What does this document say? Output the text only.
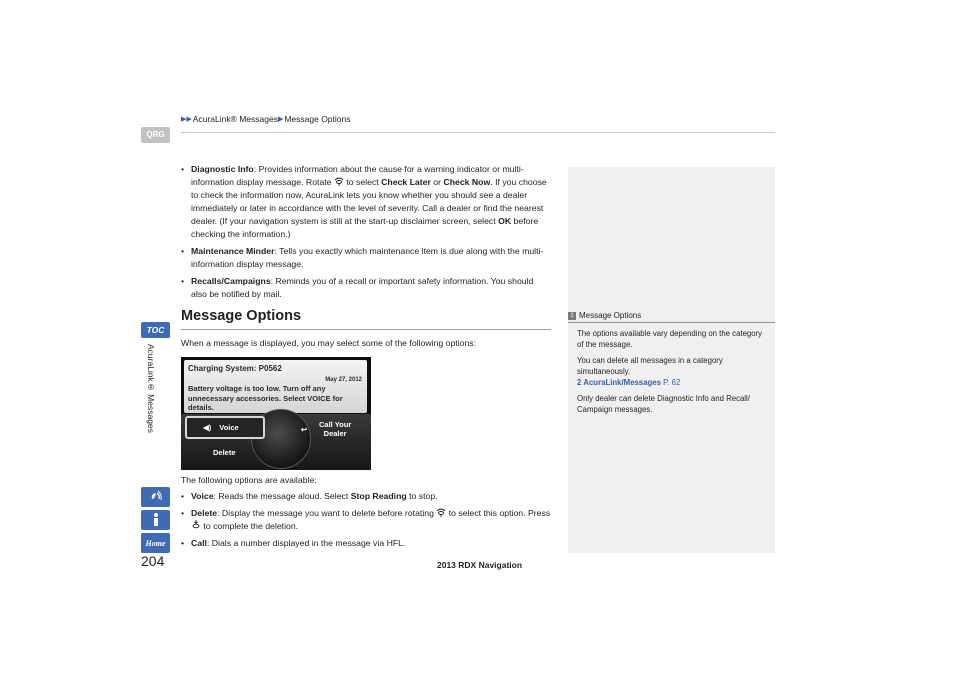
▶▶ AcuraLink® Messages ▶ Message Options
QRG
TOC
AcuraLink® Messages
Home
204	2013 RDX Navigation
• Diagnostic Info: Provides information about the cause for a warning indicator or multi-information display message. Rotate  to select Check Later or Check Now. If you choose to check the information now, AcuraLink lets you know whether you should see a dealer immediately or later in accordance with the level of severity. Call a dealer or find the nearest dealer. (If your navigation system is still at the start-up disclaimer screen, select OK before checking the information.)
• Maintenance Minder: Tells you exactly which maintenance item is due along with the multi-information display message.
• Recalls/Campaigns: Reminds you of a recall or important safety information. You should also be notified by mail.
Message Options
When a message is displayed, you may select some of the following options:
Charging System: P0562
May 27, 2012
Battery voltage is too low. Turn off any unnecessary accessories. Select VOICE for details.
◀) Voice	↩	Call Your Dealer
Delete
The following options are available:
• Voice: Reads the message aloud. Select Stop Reading to stop.
• Delete: Display the message you want to delete before rotating  to select this option. Press  to complete the deletion.
• Call: Dials a number displayed in the message via HFL.
1 Message Options

The options available vary depending on the category of the message.

You can delete all messages in a category simultaneously.
2 AcuraLink/Messages P. 62

Only dealer can delete Diagnostic Info and Recall/ Campaign messages.
